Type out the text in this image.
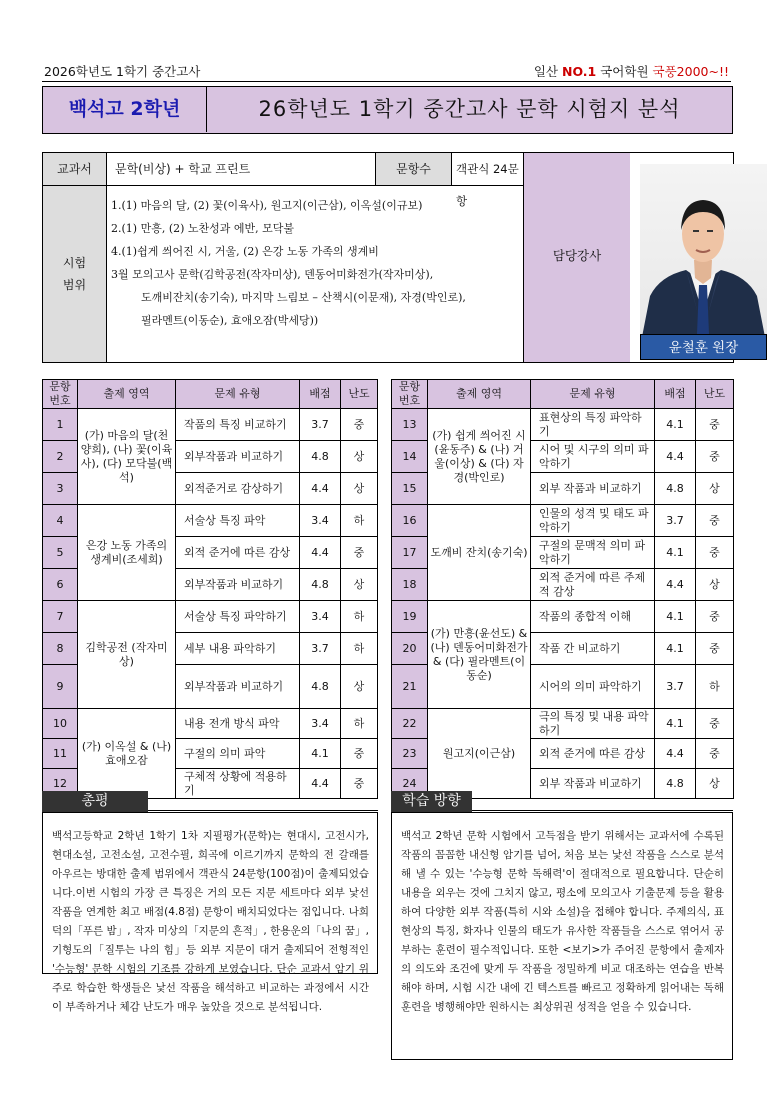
2026학년도 1학기 중간고사	일산 NO.1 국어학원 국풍2000~!!
백석고 2학년	26학년도 1학기 중간고사 문학 시험지 분석
교과서	문학(비상) + 학교 프린트	문항수	객관식 24문항
시험
범위
1.(1) 마음의 달, (2) 꽃(이육사), 원고지(이근삼), 이옥설(이규보)
2.(1) 만흥, (2) 노찬성과 에반, 모닥불
4.(1)쉽게 씌어진 시, 거울, (2) 은강 노동 가족의 생계비
3월 모의고사 문학(김학공전(작자미상), 덴동어미화전가(작자미상),
도깨비잔치(송기숙), 마지막 느림보 – 산책시(이문재), 자경(박인로),
필라멘트(이동순), 효애오잠(박세당))
담당강사
윤철훈 원장
문항 번호	출제 영역	문제 유형	배점	난도
1	(가) 마음의 달(천양희), (나) 꽃(이육사), (다) 모닥불(백석)	작품의 특징 비교하기	3.7	중
2		외부작품과 비교하기	4.8	상
3		외적준거로 감상하기	4.4	상
4	은강 노동 가족의 생계비(조세희)	서술상 특징 파악	3.4	하
5		외적 준거에 따른 감상	4.4	중
6		외부작품과 비교하기	4.8	상
7	김학공전 (작자미상)	서술상 특징 파악하기	3.4	하
8		세부 내용 파악하기	3.7	하
9		외부작품과 비교하기	4.8	상
10	(가) 이옥설 & (나) 효애오잠	내용 전개 방식 파악	3.4	하
11		구절의 의미 파악	4.1	중
12		구체적 상황에 적용하기	4.4	중
문항 번호	출제 영역	문제 유형	배점	난도
13	(가) 쉽게 씌어진 시(윤동주) & (나) 거울(이상) & (다) 자경(박인로)	표현상의 특징 파악하기	4.1	중
14		시어 및 시구의 의미 파악하기	4.4	중
15		외부 작품과 비교하기	4.8	상
16	도깨비 잔치(송기숙)	인물의 성격 및 태도 파악하기	3.7	중
17		구절의 문맥적 의미 파악하기	4.1	중
18		외적 준거에 따른 주제적 감상	4.4	상
19	(가) 만흥(윤선도) & (나) 덴동어미화전가 & (다) 필라멘트(이동순)	작품의 종합적 이해	4.1	중
20		작품 간 비교하기	4.1	중
21		시어의 의미 파악하기	3.7	하
22	원고지(이근삼)	극의 특징 및 내용 파악하기	4.1	중
23		외적 준거에 따른 감상	4.4	중
24		외부 작품과 비교하기	4.8	상
총평
백석고등학교 2학년 1학기 1차 지필평가(문학)는 현대시, 고전시가, 현대소설, 고전소설, 고전수필, 희곡에 이르기까지 문학의 전 갈래를 아우르는 방대한 출제 범위에서 객관식 24문항(100점)이 출제되었습니다.이번 시험의 가장 큰 특징은 거의 모든 지문 세트마다 외부 낯선 작품을 연계한 최고 배점(4.8점) 문항이 배치되었다는 점입니다. 나희덕의「푸른 밤」, 작자 미상의「지문의 흔적」, 한용운의「나의 꿈」, 기형도의「질투는 나의 힘」등 외부 지문이 대거 출제되어 전형적인 '수능형' 문학 시험의 기조를 강하게 보였습니다. 단순 교과서 암기 위주로 학습한 학생들은 낯선 작품을 해석하고 비교하는 과정에서 시간이 부족하거나 체감 난도가 매우 높았을 것으로 분석됩니다.
학습 방향
백석고 2학년 문학 시험에서 고득점을 받기 위해서는 교과서에 수록된 작품의 꼼꼼한 내신형 암기를 넘어, 처음 보는 낯선 작품을 스스로 분석해 낼 수 있는 '수능형 문학 독해력'이 절대적으로 필요합니다. 단순히 내용을 외우는 것에 그치지 않고, 평소에 모의고사 기출문제 등을 활용하여 다양한 외부 작품(특히 시와 소설)을 접해야 합니다. 주제의식, 표현상의 특징, 화자나 인물의 태도가 유사한 작품들을 스스로 엮어서 공부하는 훈련이 필수적입니다. 또한 <보기>가 주어진 문항에서 출제자의 의도와 조건에 맞게 두 작품을 정밀하게 비교 대조하는 연습을 반복해야 하며, 시험 시간 내에 긴 텍스트를 빠르고 정확하게 읽어내는 독해 훈련을 병행해야만 원하시는 최상위권 성적을 얻을 수 있습니다.
